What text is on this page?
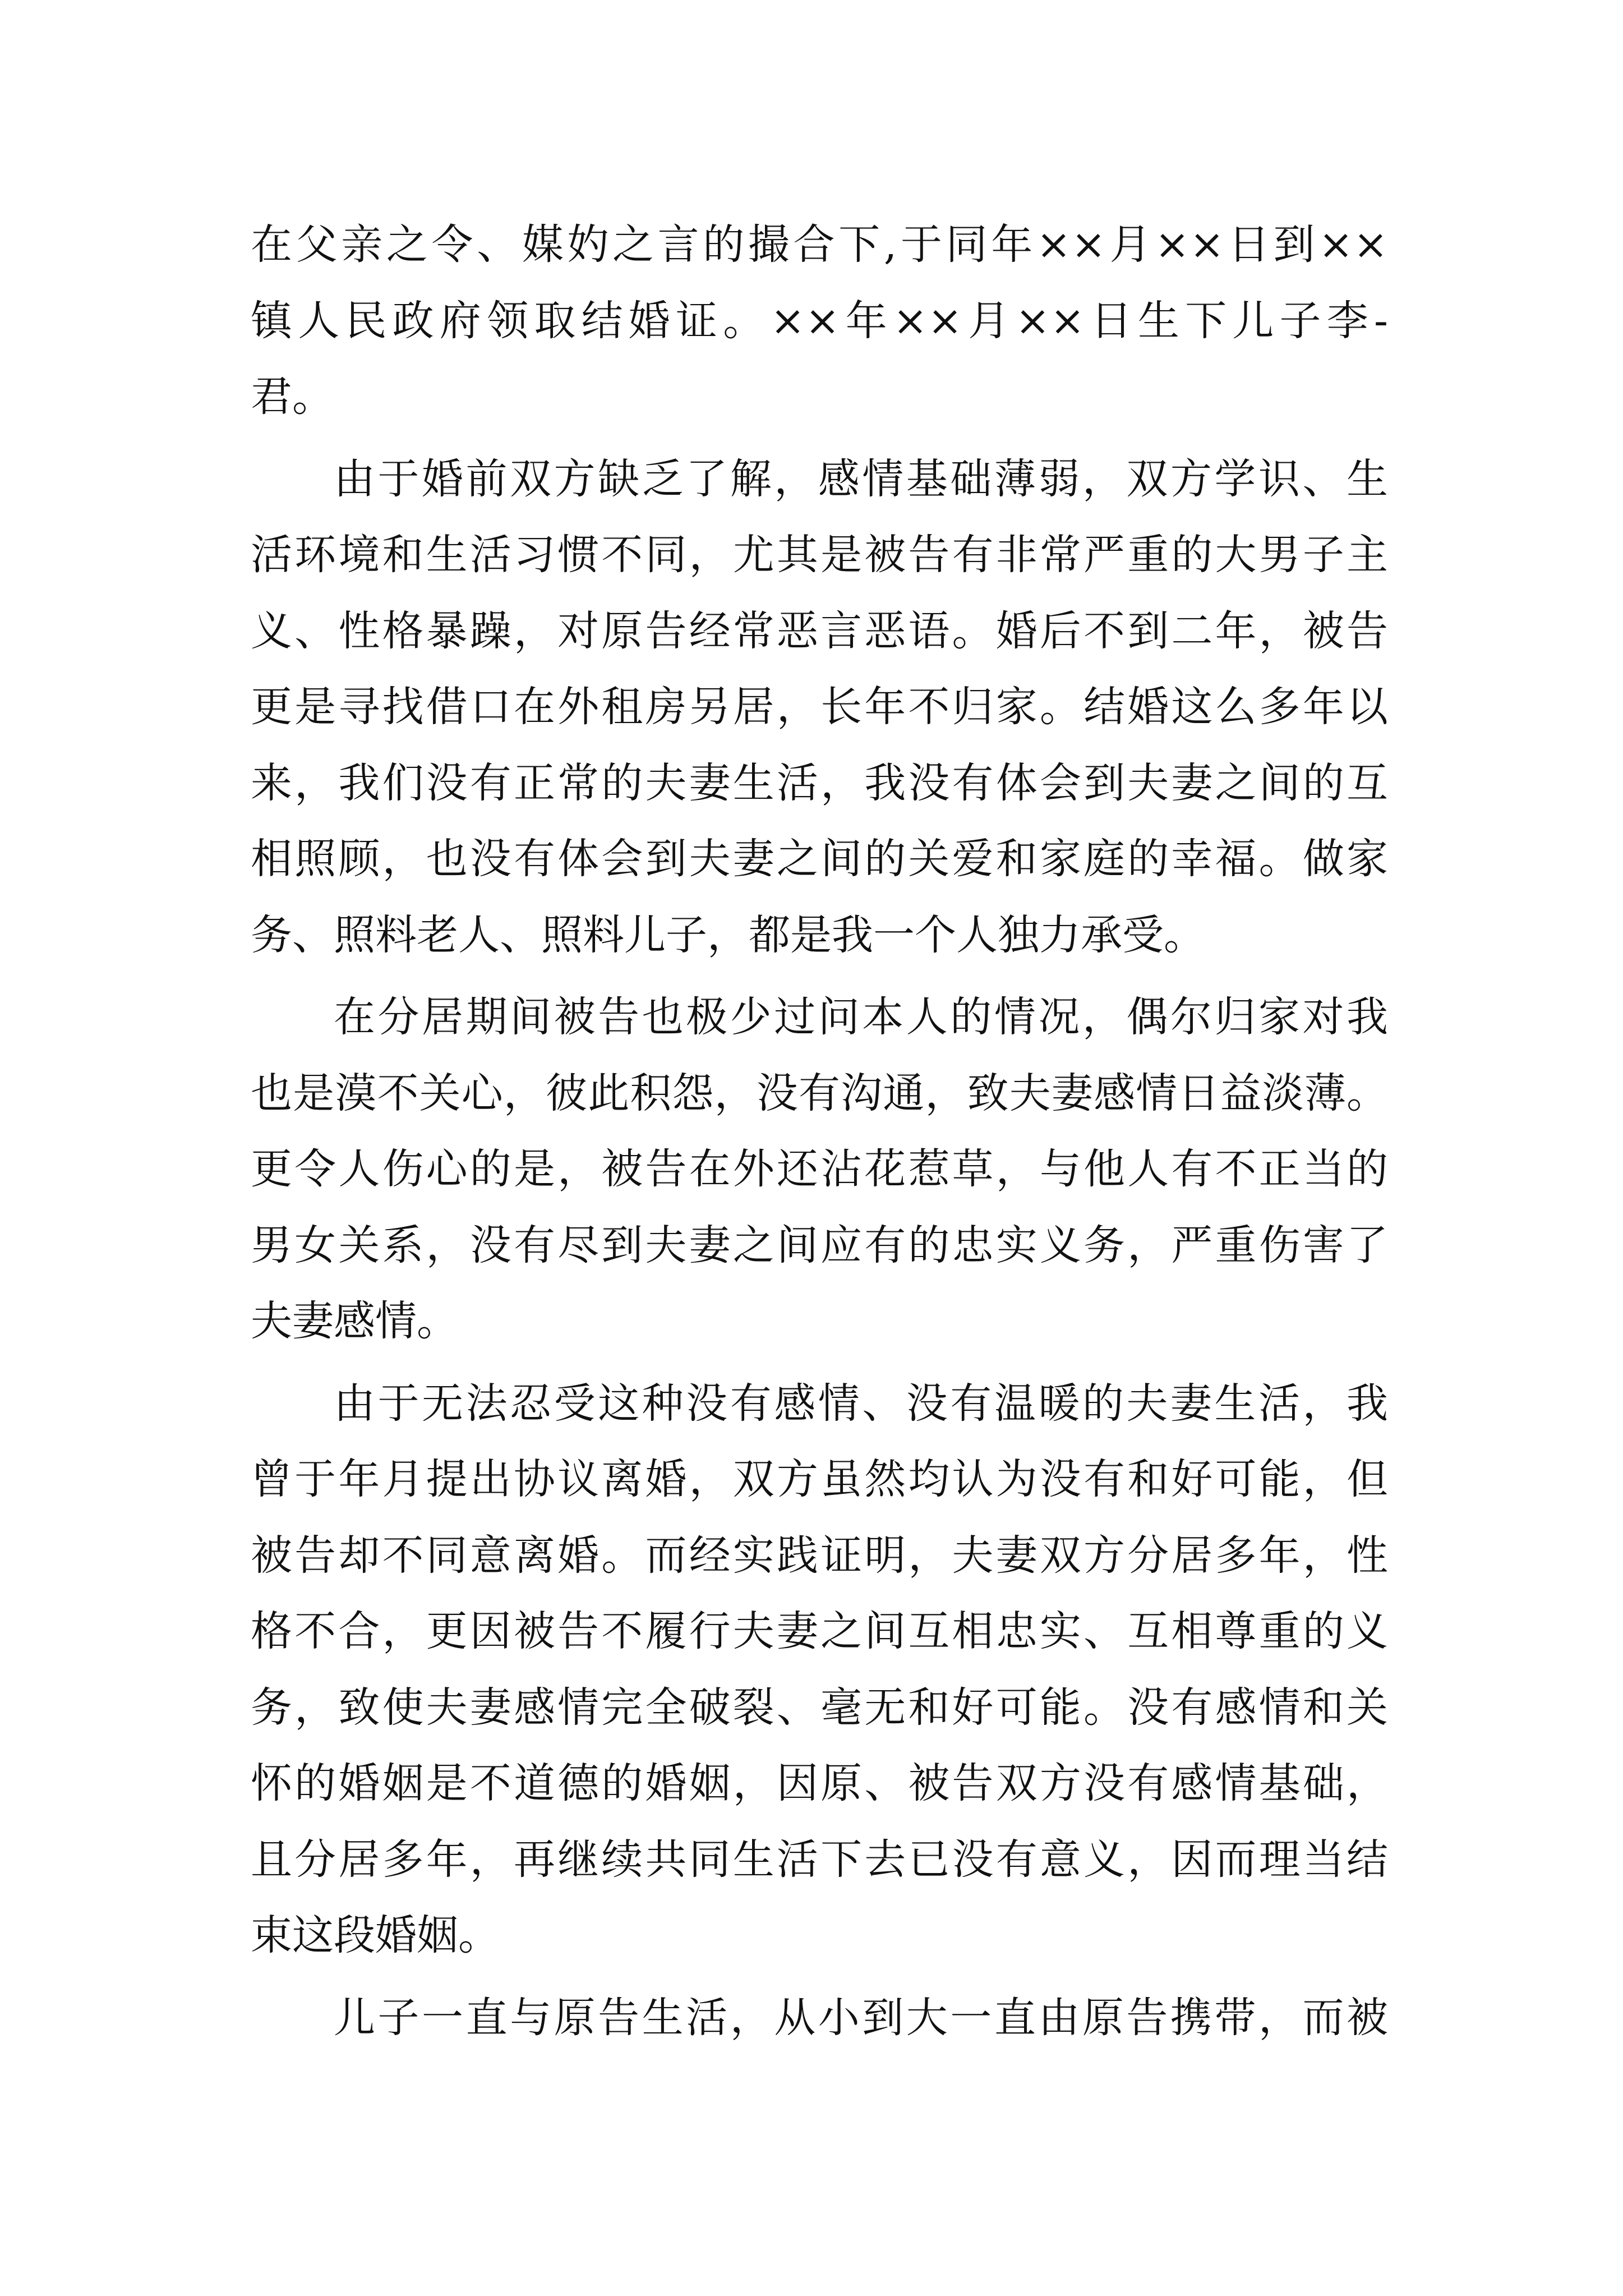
在父亲之令、媒妁之言的撮合下,于同年××月××日到××
镇人民政府领取结婚证。××年××月××日生下儿子李-
君。
由于婚前双方缺乏了解，感情基础薄弱，双方学识、生
活环境和生活习惯不同，尤其是被告有非常严重的大男子主
义、性格暴躁，对原告经常恶言恶语。婚后不到二年，被告
更是寻找借口在外租房另居，长年不归家。结婚这么多年以
来，我们没有正常的夫妻生活，我没有体会到夫妻之间的互
相照顾，也没有体会到夫妻之间的关爱和家庭的幸福。做家
务、照料老人、照料儿子，都是我一个人独力承受。
在分居期间被告也极少过问本人的情况，偶尔归家对我
也是漠不关心，彼此积怨，没有沟通，致夫妻感情日益淡薄。
更令人伤心的是，被告在外还沾花惹草，与他人有不正当的
男女关系，没有尽到夫妻之间应有的忠实义务，严重伤害了
夫妻感情。
由于无法忍受这种没有感情、没有温暖的夫妻生活，我
曾于年月提出协议离婚，双方虽然均认为没有和好可能，但
被告却不同意离婚。而经实践证明，夫妻双方分居多年，性
格不合，更因被告不履行夫妻之间互相忠实、互相尊重的义
务，致使夫妻感情完全破裂、毫无和好可能。没有感情和关
怀的婚姻是不道德的婚姻，因原、被告双方没有感情基础，
且分居多年，再继续共同生活下去已没有意义，因而理当结
束这段婚姻。
儿子一直与原告生活，从小到大一直由原告携带，而被
